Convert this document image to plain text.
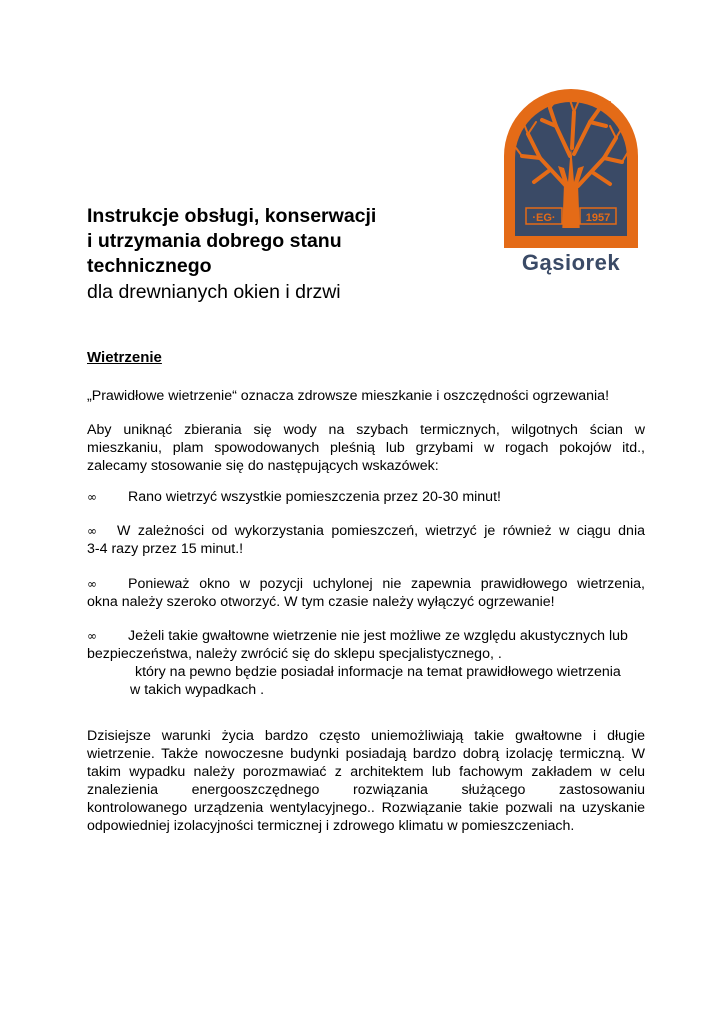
·EG·	1957
Gąsiorek
Instrukcje obsługi, konserwacji
i utrzymania dobrego stanu
technicznego
dla drewnianych okien i drzwi
Wietrzenie
„Prawidłowe wietrzenie“ oznacza zdrowsze mieszkanie i oszczędności ogrzewania!
Aby uniknąć zbierania się wody na szybach termicznych, wilgotnych ścian w
mieszkaniu, plam spowodowanych pleśnią lub grzybami w rogach pokojów itd.,
zalecamy stosowanie się do następujących wskazówek:
∞ Rano wietrzyć wszystkie pomieszczenia przez 20-30 minut!
∞ W zależności od wykorzystania pomieszczeń, wietrzyć je również w ciągu dnia
3-4 razy przez 15 minut.!
∞ Ponieważ okno w pozycji uchylonej nie zapewnia prawidłowego wietrzenia,
okna należy szeroko otworzyć. W tym czasie należy wyłączyć ogrzewanie!
∞ Jeżeli takie gwałtowne wietrzenie nie jest możliwe ze względu akustycznych lub
bezpieczeństwa, należy zwrócić się do sklepu specjalistycznego, .
który na pewno będzie posiadał informacje na temat prawidłowego wietrzenia
w takich wypadkach .
Dzisiejsze warunki życia bardzo często uniemożliwiają takie gwałtowne i długie
wietrzenie. Także nowoczesne budynki posiadają bardzo dobrą izolację termiczną. W
takim wypadku należy porozmawiać z architektem lub fachowym zakładem w celu
znalezienia energooszczędnego rozwiązania służącego zastosowaniu
kontrolowanego urządzenia wentylacyjnego.. Rozwiązanie takie pozwali na uzyskanie
odpowiedniej izolacyjności termicznej i zdrowego klimatu w pomieszczeniach.
